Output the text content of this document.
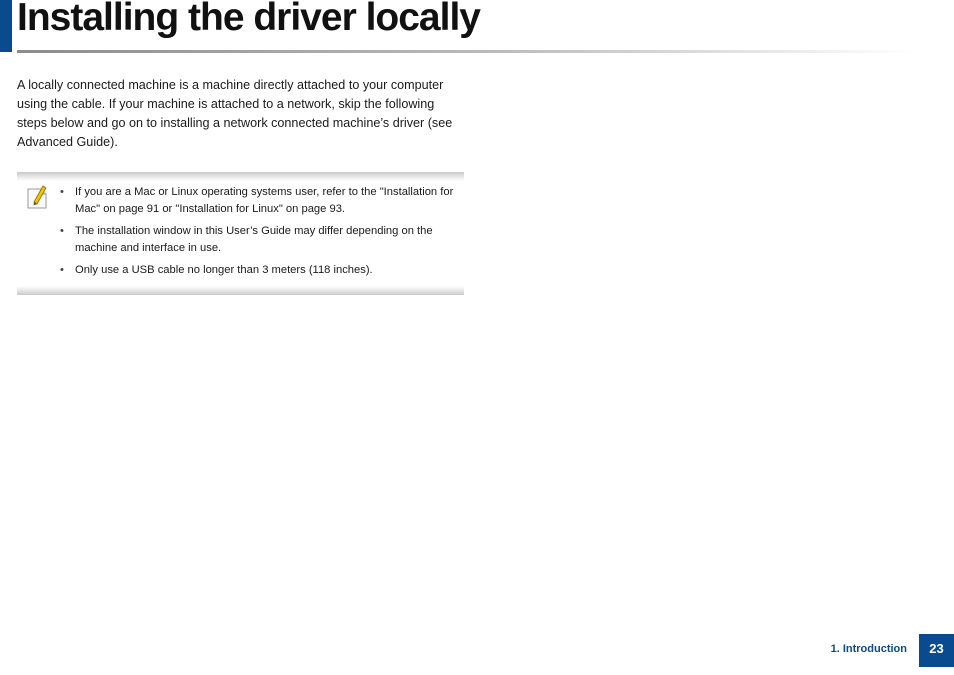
Installing the driver locally

A locally connected machine is a machine directly attached to your computer using the cable. If your machine is attached to a network, skip the following steps below and go on to installing a network connected machine’s driver (see Advanced Guide).

• If you are a Mac or Linux operating systems user, refer to the "Installation for Mac" on page 91 or "Installation for Linux" on page 93.
• The installation window in this User’s Guide may differ depending on the machine and interface in use.
• Only use a USB cable no longer than 3 meters (118 inches).
1. Introduction	23
